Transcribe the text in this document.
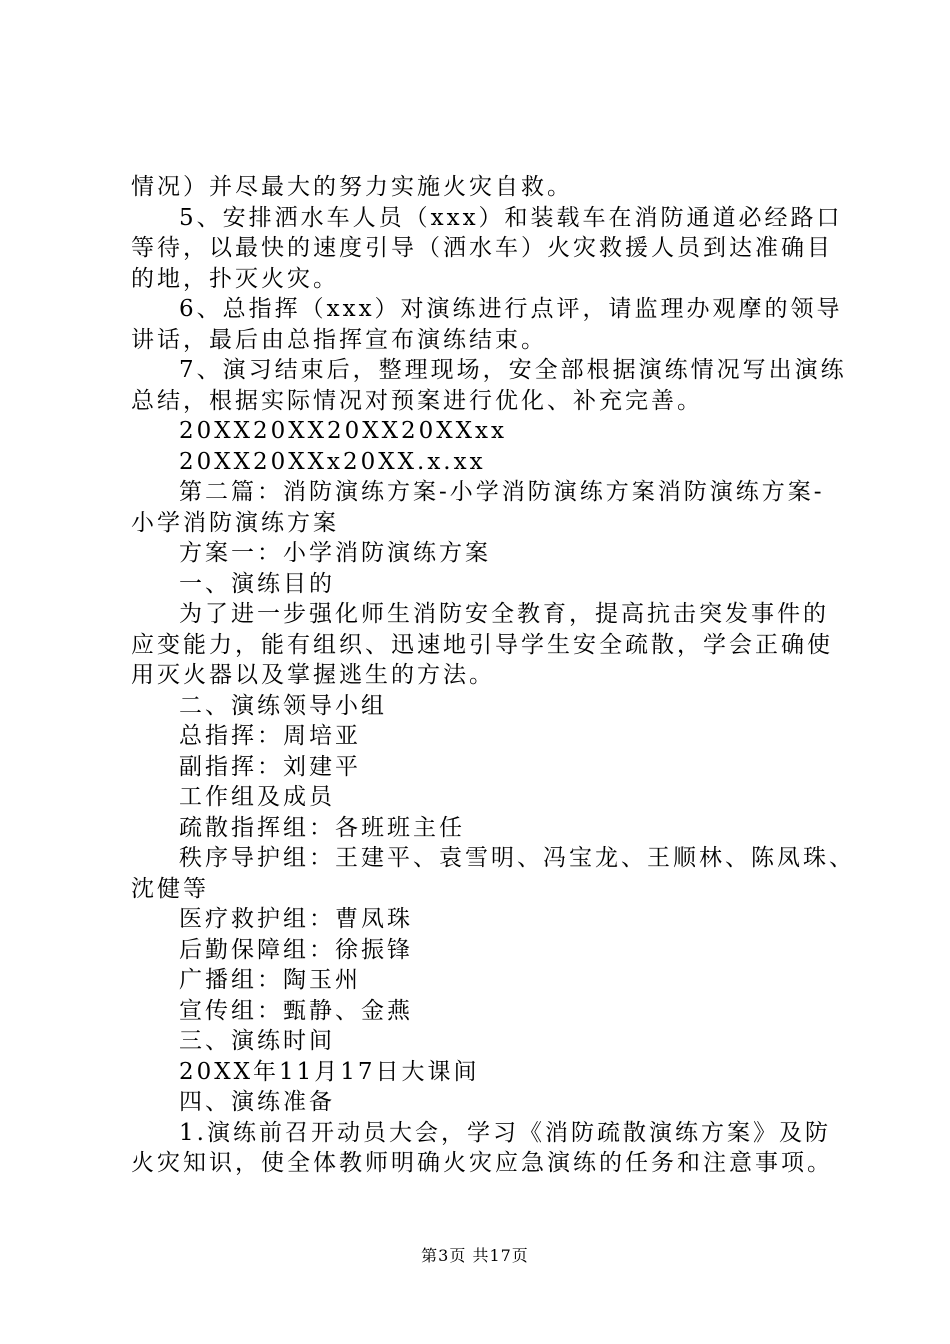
情况）并尽最大的努力实施火灾自救。
5、安排洒水车人员（xxx）和装载车在消防通道必经路口
等待，以最快的速度引导（洒水车）火灾救援人员到达准确目
的地，扑灭火灾。
6、总指挥（xxx）对演练进行点评，请监理办观摩的领导
讲话，最后由总指挥宣布演练结束。
7、演习结束后，整理现场，安全部根据演练情况写出演练
总结，根据实际情况对预案进行优化、补充完善。
20XX20XX20XX20XXxx
20XX20XXx20XX.x.xx
第二篇：消防演练方案-小学消防演练方案消防演练方案-
小学消防演练方案
方案一：小学消防演练方案
一、演练目的
为了进一步强化师生消防安全教育，提高抗击突发事件的
应变能力，能有组织、迅速地引导学生安全疏散，学会正确使
用灭火器以及掌握逃生的方法。
二、演练领导小组
总指挥：周培亚
副指挥：刘建平
工作组及成员
疏散指挥组：各班班主任
秩序导护组：王建平、袁雪明、冯宝龙、王顺林、陈凤珠、
沈健等
医疗救护组：曹凤珠
后勤保障组：徐振锋
广播组：陶玉州
宣传组：甄静、金燕
三、演练时间
20XX年11月17日大课间
四、演练准备
1.演练前召开动员大会，学习《消防疏散演练方案》及防
火灾知识，使全体教师明确火灾应急演练的任务和注意事项。
第3页 共17页
